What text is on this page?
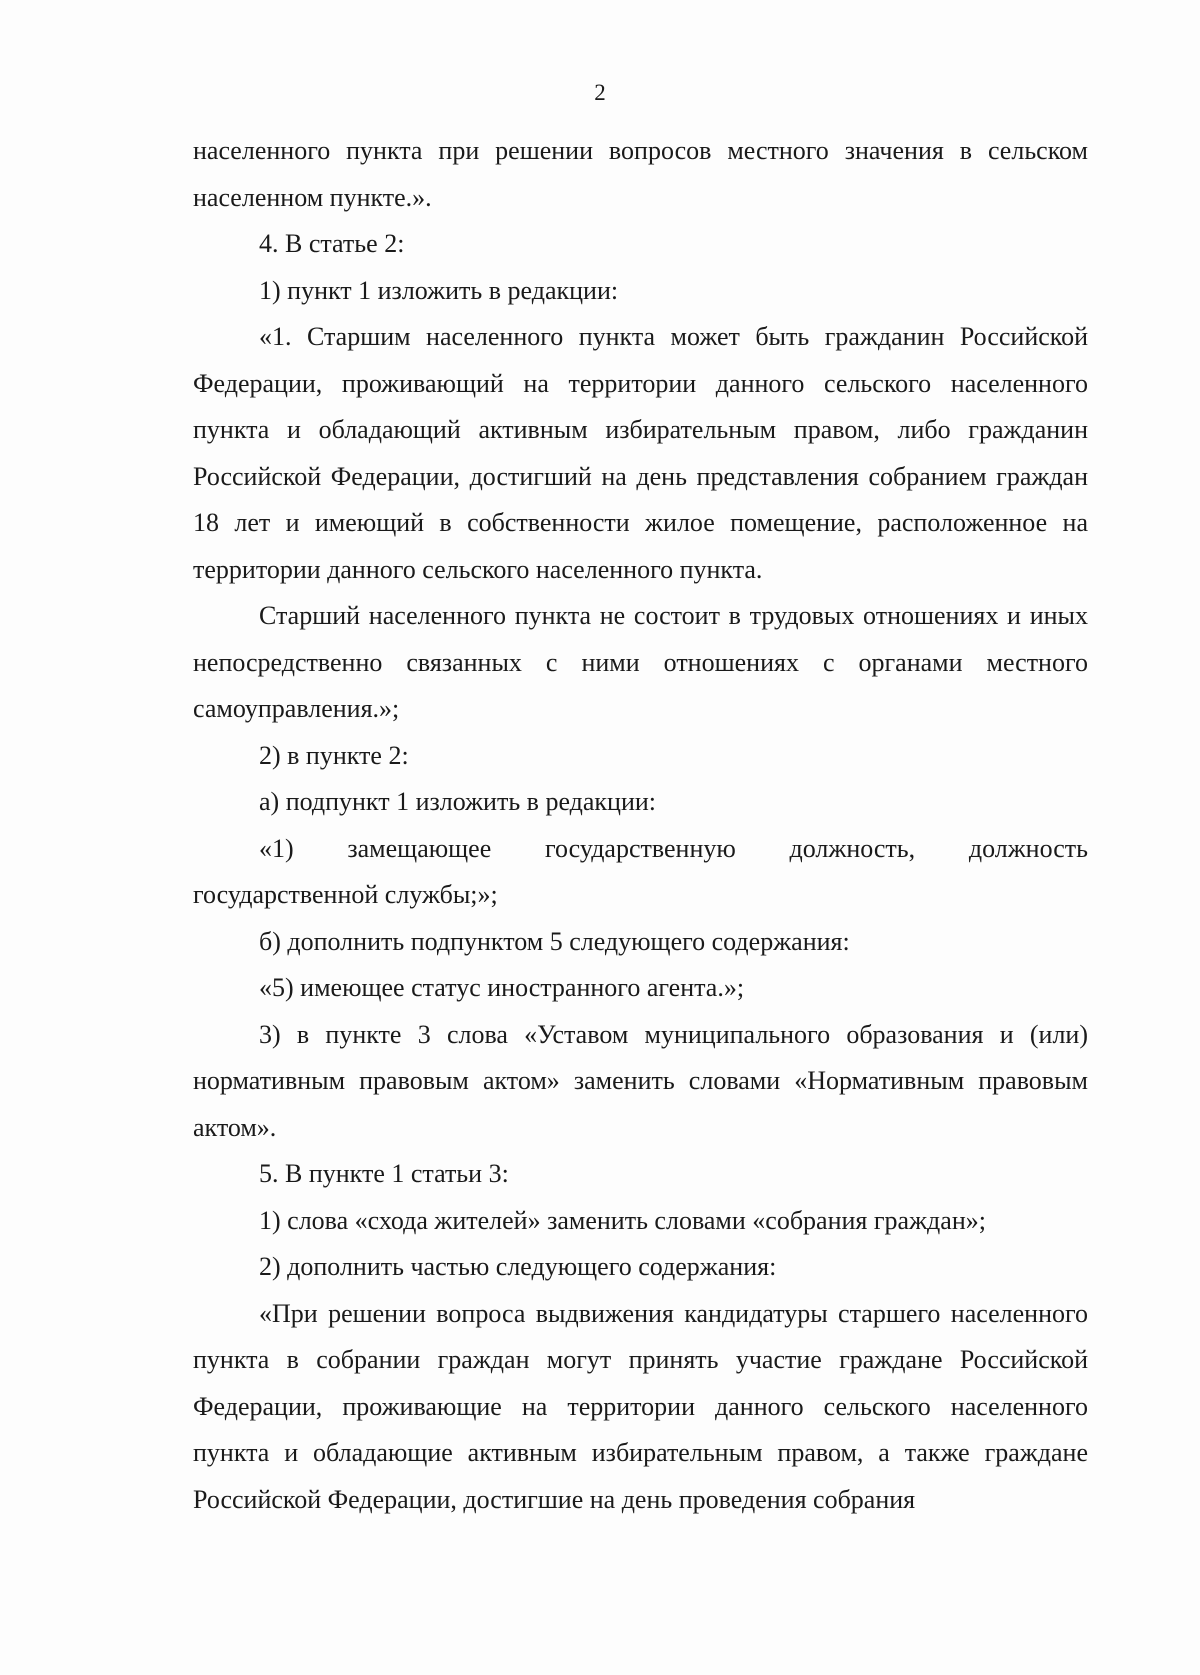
2

населенного пункта при решении вопросов местного значения в сельском населенном пункте.».

4. В статье 2:

1) пункт 1 изложить в редакции:

«1. Старшим населенного пункта может быть гражданин Российской Федерации, проживающий на территории данного сельского населенного пункта и обладающий активным избирательным правом, либо гражданин Российской Федерации, достигший на день представления собранием граждан 18 лет и имеющий в собственности жилое помещение, расположенное на территории данного сельского населенного пункта.

Старший населенного пункта не состоит в трудовых отношениях и иных непосредственно связанных с ними отношениях с органами местного самоуправления.»;

2) в пункте 2:

а) подпункт 1 изложить в редакции:

«1) замещающее государственную должность, должность государственной службы;»;

б) дополнить подпунктом 5 следующего содержания:

«5) имеющее статус иностранного агента.»;

3) в пункте 3 слова «Уставом муниципального образования и (или) нормативным правовым актом» заменить словами «Нормативным правовым актом».

5. В пункте 1 статьи 3:

1) слова «схода жителей» заменить словами «собрания граждан»;

2) дополнить частью следующего содержания:

«При решении вопроса выдвижения кандидатуры старшего населенного пункта в собрании граждан могут принять участие граждане Российской Федерации, проживающие на территории данного сельского населенного пункта и обладающие активным избирательным правом, а также граждане Российской Федерации, достигшие на день проведения собрания
